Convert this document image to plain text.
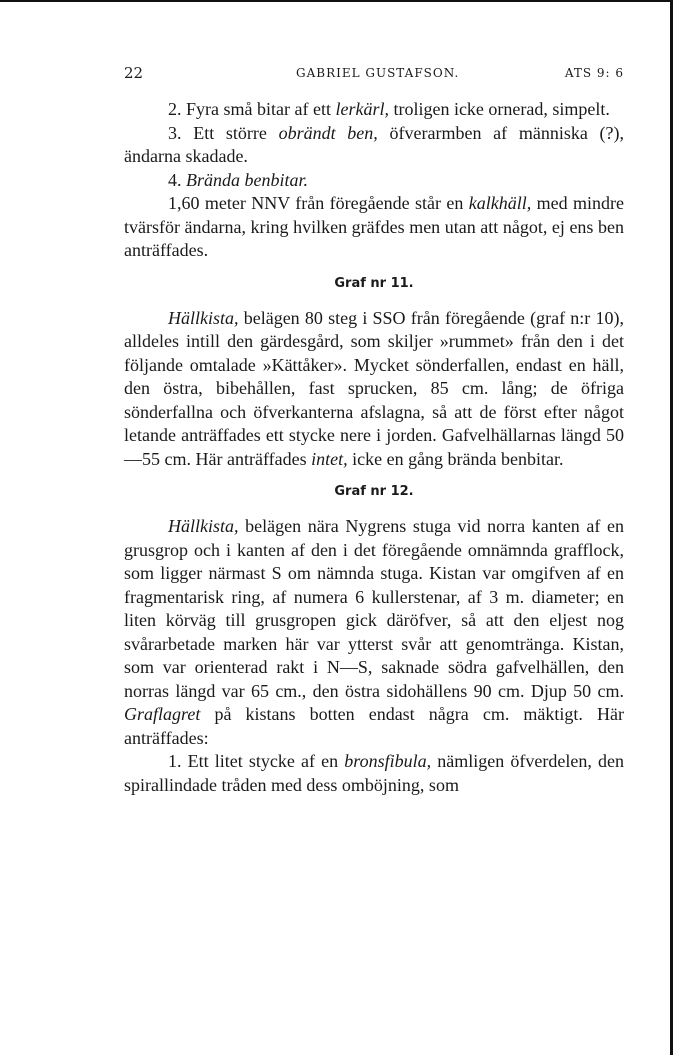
22	GABRIEL GUSTAFSON.	ATS 9: 6

2. Fyra små bitar af ett lerkärl, troligen icke ornerad, simpelt.

3. Ett större obrändt ben, öfverarmben af människa (?), ändarna skadade.

4. Brända benbitar.

1,60 meter NNV från föregående står en kalkhäll, med mindre tvärsför ändarna, kring hvilken gräfdes men utan att något, ej ens ben anträffades.

Graf nr 11.

Hällkista, belägen 80 steg i SSO från föregående (graf n:r 10), alldeles intill den gärdesgård, som skiljer »rummet» från den i det följande omtalade »Kättåker». Mycket sönderfallen, endast en häll, den östra, bibehållen, fast sprucken, 85 cm. lång; de öfriga sönderfallna och öfverkanterna afslagna, så att de först efter något letande anträffades ett stycke nere i jorden. Gafvelhällarnas längd 50—55 cm. Här anträffades intet, icke en gång brända benbitar.

Graf nr 12.

Hällkista, belägen nära Nygrens stuga vid norra kanten af en grusgrop och i kanten af den i det föregående omnämnda grafflock, som ligger närmast S om nämnda stuga. Kistan var omgifven af en fragmentarisk ring, af numera 6 kullerstenar, af 3 m. diameter; en liten körväg till grusgropen gick däröfver, så att den eljest nog svårarbetade marken här var ytterst svår att genomtränga. Kistan, som var orienterad rakt i N—S, saknade södra gafvelhällen, den norras längd var 65 cm., den östra sidohällens 90 cm. Djup 50 cm. Graflagret på kistans botten endast några cm. mäktigt. Här anträffades:

1. Ett litet stycke af en bronsfibula, nämligen öfverdelen, den spirallindade tråden med dess omböjning, som
